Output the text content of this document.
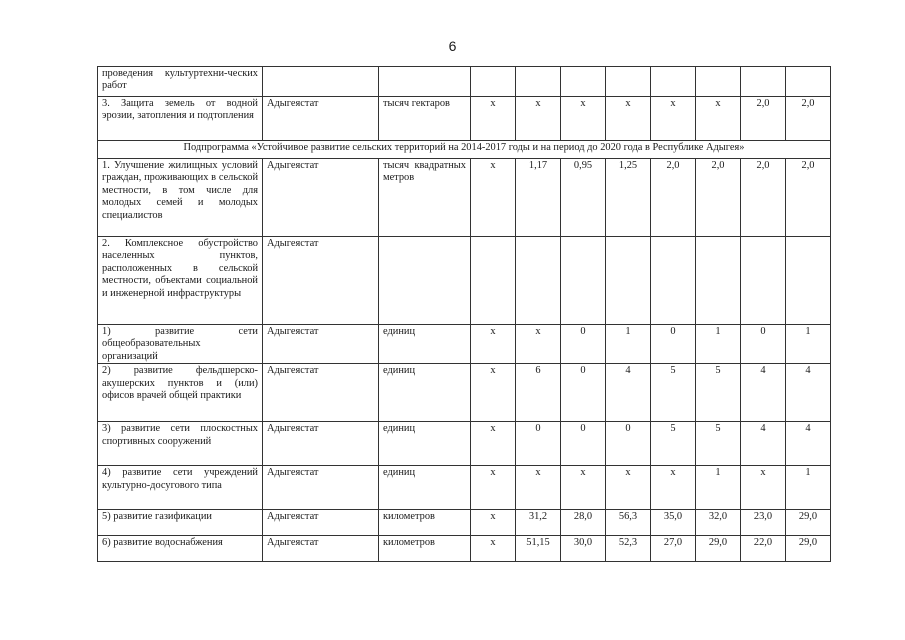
6
проведения культуртехни-ческих работ										
3. Защита земель от водной эрозии, затопления и подтопления	Адыгеястат	тысяч гектаров	х	х	х	х	х	х	2,0	2,0
Подпрограмма «Устойчивое развитие сельских территорий на 2014-2017 годы и на период до 2020 года в Республике Адыгея»										
1. Улучшение жилищных условий граждан, проживающих в сельской местности, в том числе для молодых семей и молодых специалистов	Адыгеястат	тысяч квадратных метров	х	1,17	0,95	1,25	2,0	2,0	2,0	2,0
2. Комплексное обустройство населенных пунктов, расположенных в сельской местности, объектами социальной и инженерной инфраструктуры	Адыгеястат									
1) развитие сети общеобразовательных организаций	Адыгеястат	единиц	х	х	0	1	0	1	0	1
2) развитие фельдшерско-акушерских пунктов и (или) офисов врачей общей практики	Адыгеястат	единиц	х	6	0	4	5	5	4	4
3) развитие сети плоскостных спортивных сооружений	Адыгеястат	единиц	х	0	0	0	5	5	4	4
4) развитие сети учреждений культурно-досугового типа	Адыгеястат	единиц	х	х	х	х	х	1	х	1
5) развитие газификации	Адыгеястат	километров	х	31,2	28,0	56,3	35,0	32,0	23,0	29,0
6) развитие водоснабжения	Адыгеястат	километров	х	51,15	30,0	52,3	27,0	29,0	22,0	29,0
